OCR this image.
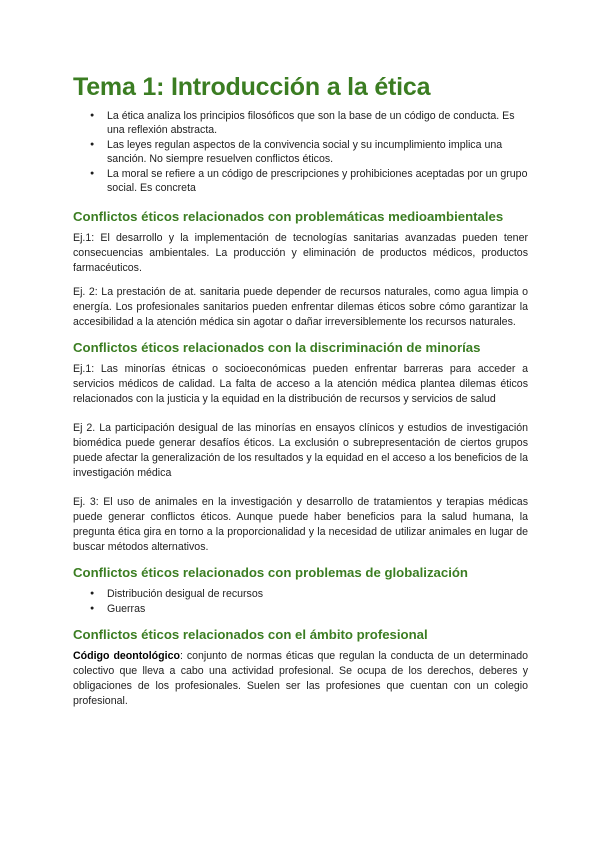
Tema 1: Introducción a la ética
● La ética analiza los principios filosóficos que son la base de un código de conducta. Es una reflexión abstracta.
● Las leyes regulan aspectos de la convivencia social y su incumplimiento implica una sanción. No siempre resuelven conflictos éticos.
● La moral se refiere a un código de prescripciones y prohibiciones aceptadas por un grupo social. Es concreta
Conflictos éticos relacionados con problemáticas medioambientales

Ej.1: El desarrollo y la implementación de tecnologías sanitarias avanzadas pueden tener consecuencias ambientales. La producción y eliminación de productos médicos, productos farmacéuticos.

Ej. 2: La prestación de at. sanitaria puede depender de recursos naturales, como agua limpia o energía. Los profesionales sanitarios pueden enfrentar dilemas éticos sobre cómo garantizar la accesibilidad a la atención médica sin agotar o dañar irreversiblemente los recursos naturales.

Conflictos éticos relacionados con la discriminación de minorías

Ej.1: Las minorías étnicas o socioeconómicas pueden enfrentar barreras para acceder a servicios médicos de calidad. La falta de acceso a la atención médica plantea dilemas éticos relacionados con la justicia y la equidad en la distribución de recursos y servicios de salud

Ej 2. La participación desigual de las minorías en ensayos clínicos y estudios de investigación biomédica puede generar desafíos éticos. La exclusión o subrepresentación de ciertos grupos puede afectar la generalización de los resultados y la equidad en el acceso a los beneficios de la investigación médica

Ej. 3: El uso de animales en la investigación y desarrollo de tratamientos y terapias médicas puede generar conflictos éticos. Aunque puede haber beneficios para la salud humana, la pregunta ética gira en torno a la proporcionalidad y la necesidad de utilizar animales en lugar de buscar métodos alternativos.

Conflictos éticos relacionados con problemas de globalización
● Distribución desigual de recursos
● Guerras
Conflictos éticos relacionados con el ámbito profesional

Código deontológico: conjunto de normas éticas que regulan la conducta de un determinado colectivo que lleva a cabo una actividad profesional. Se ocupa de los derechos, deberes y obligaciones de los profesionales. Suelen ser las profesiones que cuentan con un colegio profesional.
